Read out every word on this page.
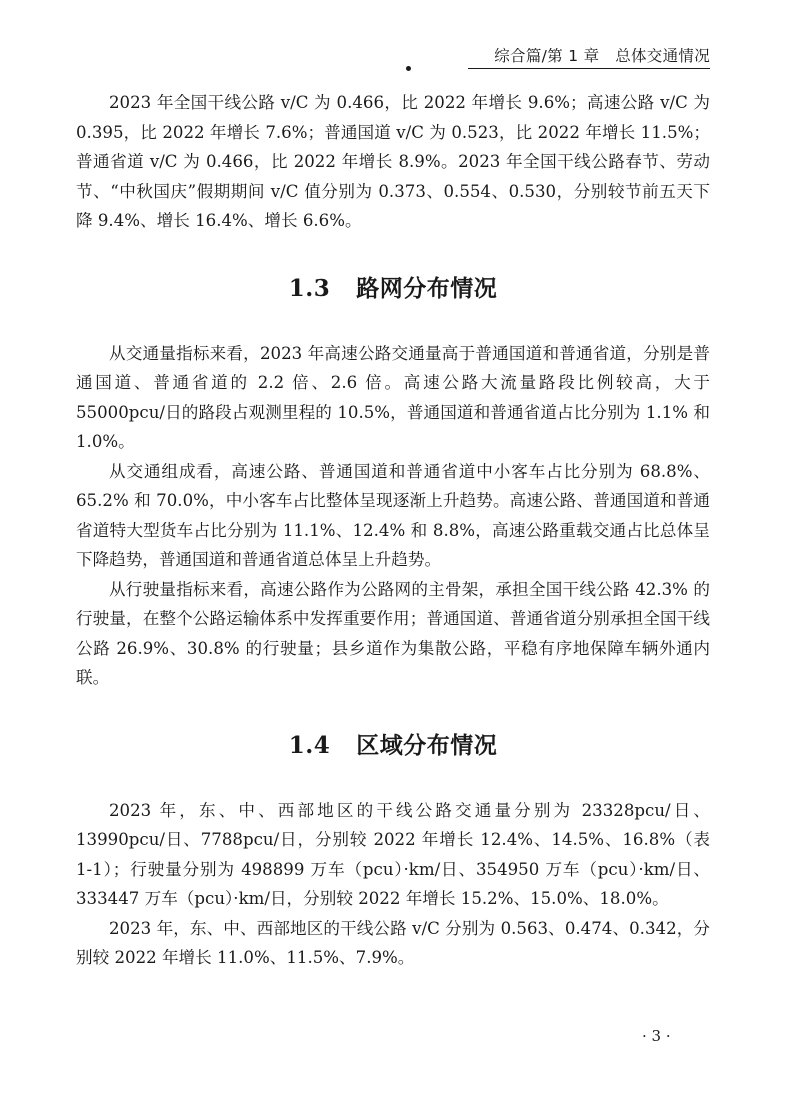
综合篇/第 1 章　总体交通情况

2023 年全国干线公路 v/C 为 0.466，比 2022 年增长 9.6%；高速公路 v/C 为 0.395，比 2022 年增长 7.6%；普通国道 v/C 为 0.523，比 2022 年增长 11.5%；普通省道 v/C 为 0.466，比 2022 年增长 8.9%。2023 年全国干线公路春节、劳动节、“中秋国庆”假期期间 v/C 值分别为 0.373、0.554、0.530，分别较节前五天下降 9.4%、增长 16.4%、增长 6.6%。

1.3 路网分布情况

从交通量指标来看，2023 年高速公路交通量高于普通国道和普通省道，分别是普通国道、普通省道的 2.2 倍、2.6 倍。高速公路大流量路段比例较高，大于 55000pcu/日的路段占观测里程的 10.5%，普通国道和普通省道占比分别为 1.1% 和 1.0%。

从交通组成看，高速公路、普通国道和普通省道中小客车占比分别为 68.8%、65.2% 和 70.0%，中小客车占比整体呈现逐渐上升趋势。高速公路、普通国道和普通省道特大型货车占比分别为 11.1%、12.4% 和 8.8%，高速公路重载交通占比总体呈下降趋势，普通国道和普通省道总体呈上升趋势。

从行驶量指标来看，高速公路作为公路网的主骨架，承担全国干线公路 42.3% 的行驶量，在整个公路运输体系中发挥重要作用；普通国道、普通省道分别承担全国干线公路 26.9%、30.8% 的行驶量；县乡道作为集散公路，平稳有序地保障车辆外通内联。

1.4 区域分布情况

2023 年，东、中、西部地区的干线公路交通量分别为 23328pcu/日、13990pcu/日、7788pcu/日，分别较 2022 年增长 12.4%、14.5%、16.8%（表 1-1）；行驶量分别为 498899 万车（pcu）·km/日、354950 万车（pcu）·km/日、333447 万车（pcu）·km/日，分别较 2022 年增长 15.2%、15.0%、18.0%。

2023 年，东、中、西部地区的干线公路 v/C 分别为 0.563、0.474、0.342，分别较 2022 年增长 11.0%、11.5%、7.9%。

· 3 ·
